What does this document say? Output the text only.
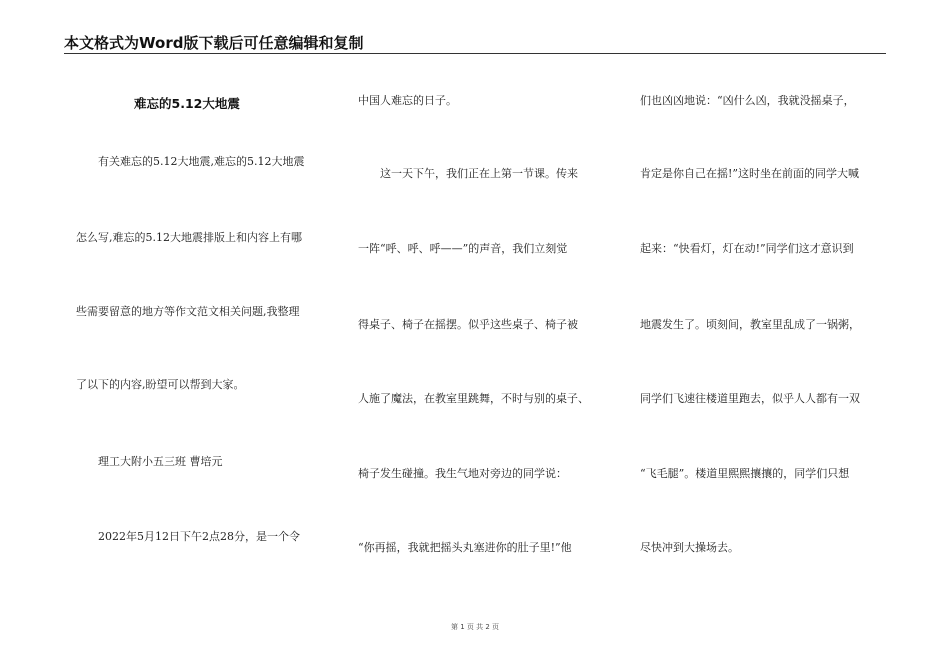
本文格式为Word版下载后可任意编辑和复制
难忘的5.12大地震
有关难忘的5.12大地震,难忘的5.12大地震
怎么写,难忘的5.12大地震排版上和内容上有哪
些需要留意的地方等作文范文相关问题,我整理
了以下的内容,盼望可以帮到大家。
理工大附小五三班 曹培元
2022年5月12日下午2点28分，是一个令
中国人难忘的日子。
这一天下午，我们正在上第一节课。传来
一阵“呼、呼、呼——”的声音，我们立刻觉
得桌子、椅子在摇摆。似乎这些桌子、椅子被
人施了魔法，在教室里跳舞，不时与别的桌子、
椅子发生碰撞。我生气地对旁边的同学说：
“你再摇，我就把摇头丸塞进你的肚子里!”他
们也凶凶地说：“凶什么凶，我就没摇桌子，
肯定是你自己在摇!”这时坐在前面的同学大喊
起来：“快看灯，灯在动!”同学们这才意识到
地震发生了。顷刻间，教室里乱成了一锅粥，
同学们飞速往楼道里跑去，似乎人人都有一双
“飞毛腿”。楼道里熙熙攘攘的，同学们只想
尽快冲到大操场去。
第 1 页 共 2 页
